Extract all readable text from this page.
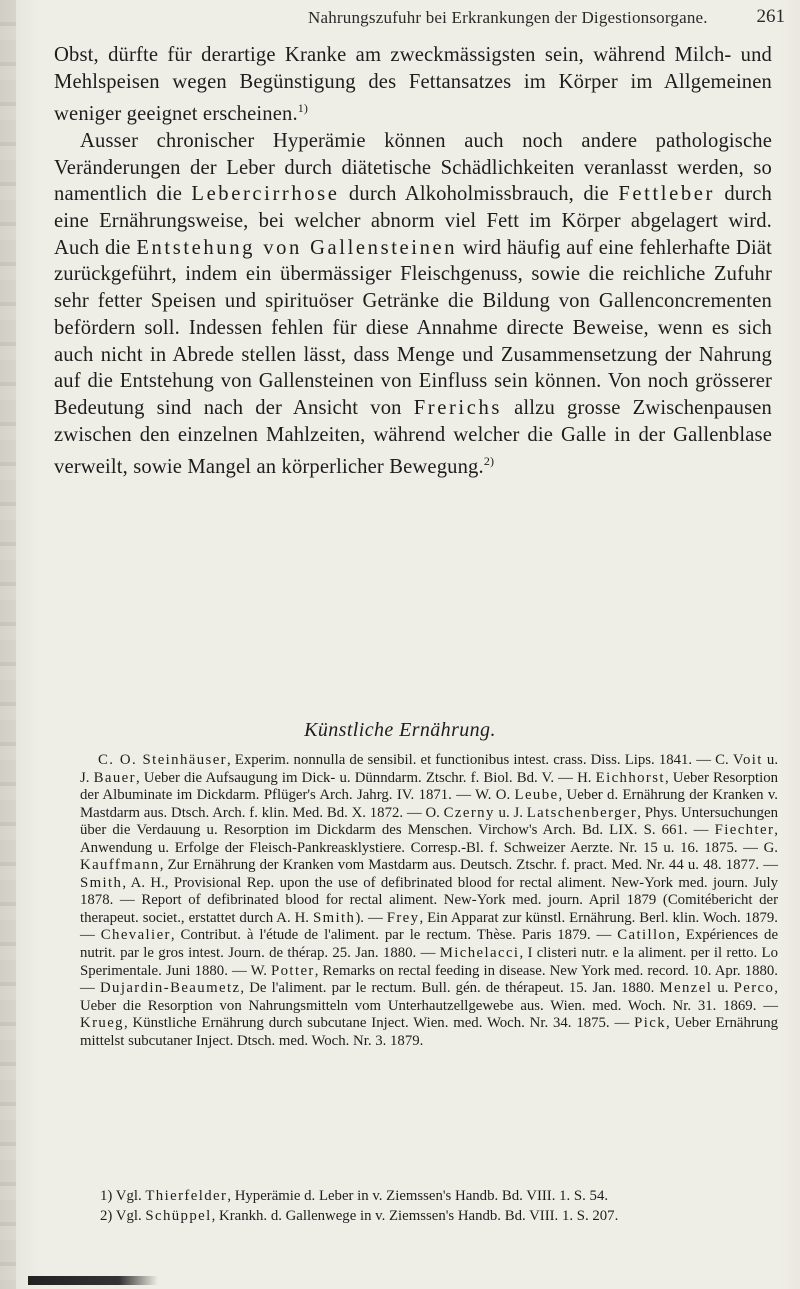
Nahrungszufuhr bei Erkrankungen der Digestionsorgane.	261

Obst, dürfte für derartige Kranke am zweckmässigsten sein, während Milch- und Mehlspeisen wegen Begünstigung des Fettansatzes im Körper im Allgemeinen weniger geeignet erscheinen.$^{1)}$

Ausser chronischer Hyperämie können auch noch andere pathologische Veränderungen der Leber durch diätetische Schädlichkeiten veranlasst werden, so namentlich die Lebercirrhose durch Alkoholmissbrauch, die Fettleber durch eine Ernährungsweise, bei welcher abnorm viel Fett im Körper abgelagert wird. Auch die Entstehung von Gallensteinen wird häufig auf eine fehlerhafte Diät zurückgeführt, indem ein übermässiger Fleischgenuss, sowie die reichliche Zufuhr sehr fetter Speisen und spirituöser Getränke die Bildung von Gallenconcrementen befördern soll. Indessen fehlen für diese Annahme directe Beweise, wenn es sich auch nicht in Abrede stellen lässt, dass Menge und Zusammensetzung der Nahrung auf die Entstehung von Gallensteinen von Einfluss sein können. Von noch grösserer Bedeutung sind nach der Ansicht von Frerichs allzu grosse Zwischenpausen zwischen den einzelnen Mahlzeiten, während welcher die Galle in der Gallenblase verweilt, sowie Mangel an körperlicher Bewegung.$^{2)}$

Künstliche Ernährung.

C. O. Steinhäuser, Experim. nonnulla de sensibil. et functionibus intest. crass. Diss. Lips. 1841. — C. Voit u. J. Bauer, Ueber die Aufsaugung im Dick- u. Dünndarm. Ztschr. f. Biol. Bd. V. — H. Eichhorst, Ueber Resorption der Albuminate im Dickdarm. Pflüger's Arch. Jahrg. IV. 1871. — W. O. Leube, Ueber d. Ernährung der Kranken v. Mastdarm aus. Dtsch. Arch. f. klin. Med. Bd. X. 1872. — O. Czerny u. J. Latschenberger, Phys. Untersuchungen über die Verdauung u. Resorption im Dickdarm des Menschen. Virchow's Arch. Bd. LIX. S. 661. — Fiechter, Anwendung u. Erfolge der Fleisch-Pankreasklystiere. Corresp.-Bl. f. Schweizer Aerzte. Nr. 15 u. 16. 1875. — G. Kauffmann, Zur Ernährung der Kranken vom Mastdarm aus. Deutsch. Ztschr. f. pract. Med. Nr. 44 u. 48. 1877. — Smith, A. H., Provisional Rep. upon the use of defibrinated blood for rectal aliment. New-York med. journ. July 1878. — Report of defibrinated blood for rectal aliment. New-York med. journ. April 1879 (Comitébericht der therapeut. societ., erstattet durch A. H. Smith). — Frey, Ein Apparat zur künstl. Ernährung. Berl. klin. Woch. 1879. — Chevalier, Contribut. à l'étude de l'aliment. par le rectum. Thèse. Paris 1879. — Catillon, Expériences de nutrit. par le gros intest. Journ. de thérap. 25. Jan. 1880. — Michelacci, I clisteri nutr. e la aliment. per il retto. Lo Sperimentale. Juni 1880. — W. Potter, Remarks on rectal feeding in disease. New York med. record. 10. Apr. 1880. — Dujardin-Beaumetz, De l'aliment. par le rectum. Bull. gén. de thérapeut. 15. Jan. 1880. Menzel u. Perco, Ueber die Resorption von Nahrungsmitteln vom Unterhautzellgewebe aus. Wien. med. Woch. Nr. 31. 1869. — Krueg, Künstliche Ernährung durch subcutane Inject. Wien. med. Woch. Nr. 34. 1875. — Pick, Ueber Ernährung mittelst subcutaner Inject. Dtsch. med. Woch. Nr. 3. 1879.

1) Vgl. Thierfelder, Hyperämie d. Leber in v. Ziemssen's Handb. Bd. VIII. 1. S. 54.

2) Vgl. Schüppel, Krankh. d. Gallenwege in v. Ziemssen's Handb. Bd. VIII. 1. S. 207.
